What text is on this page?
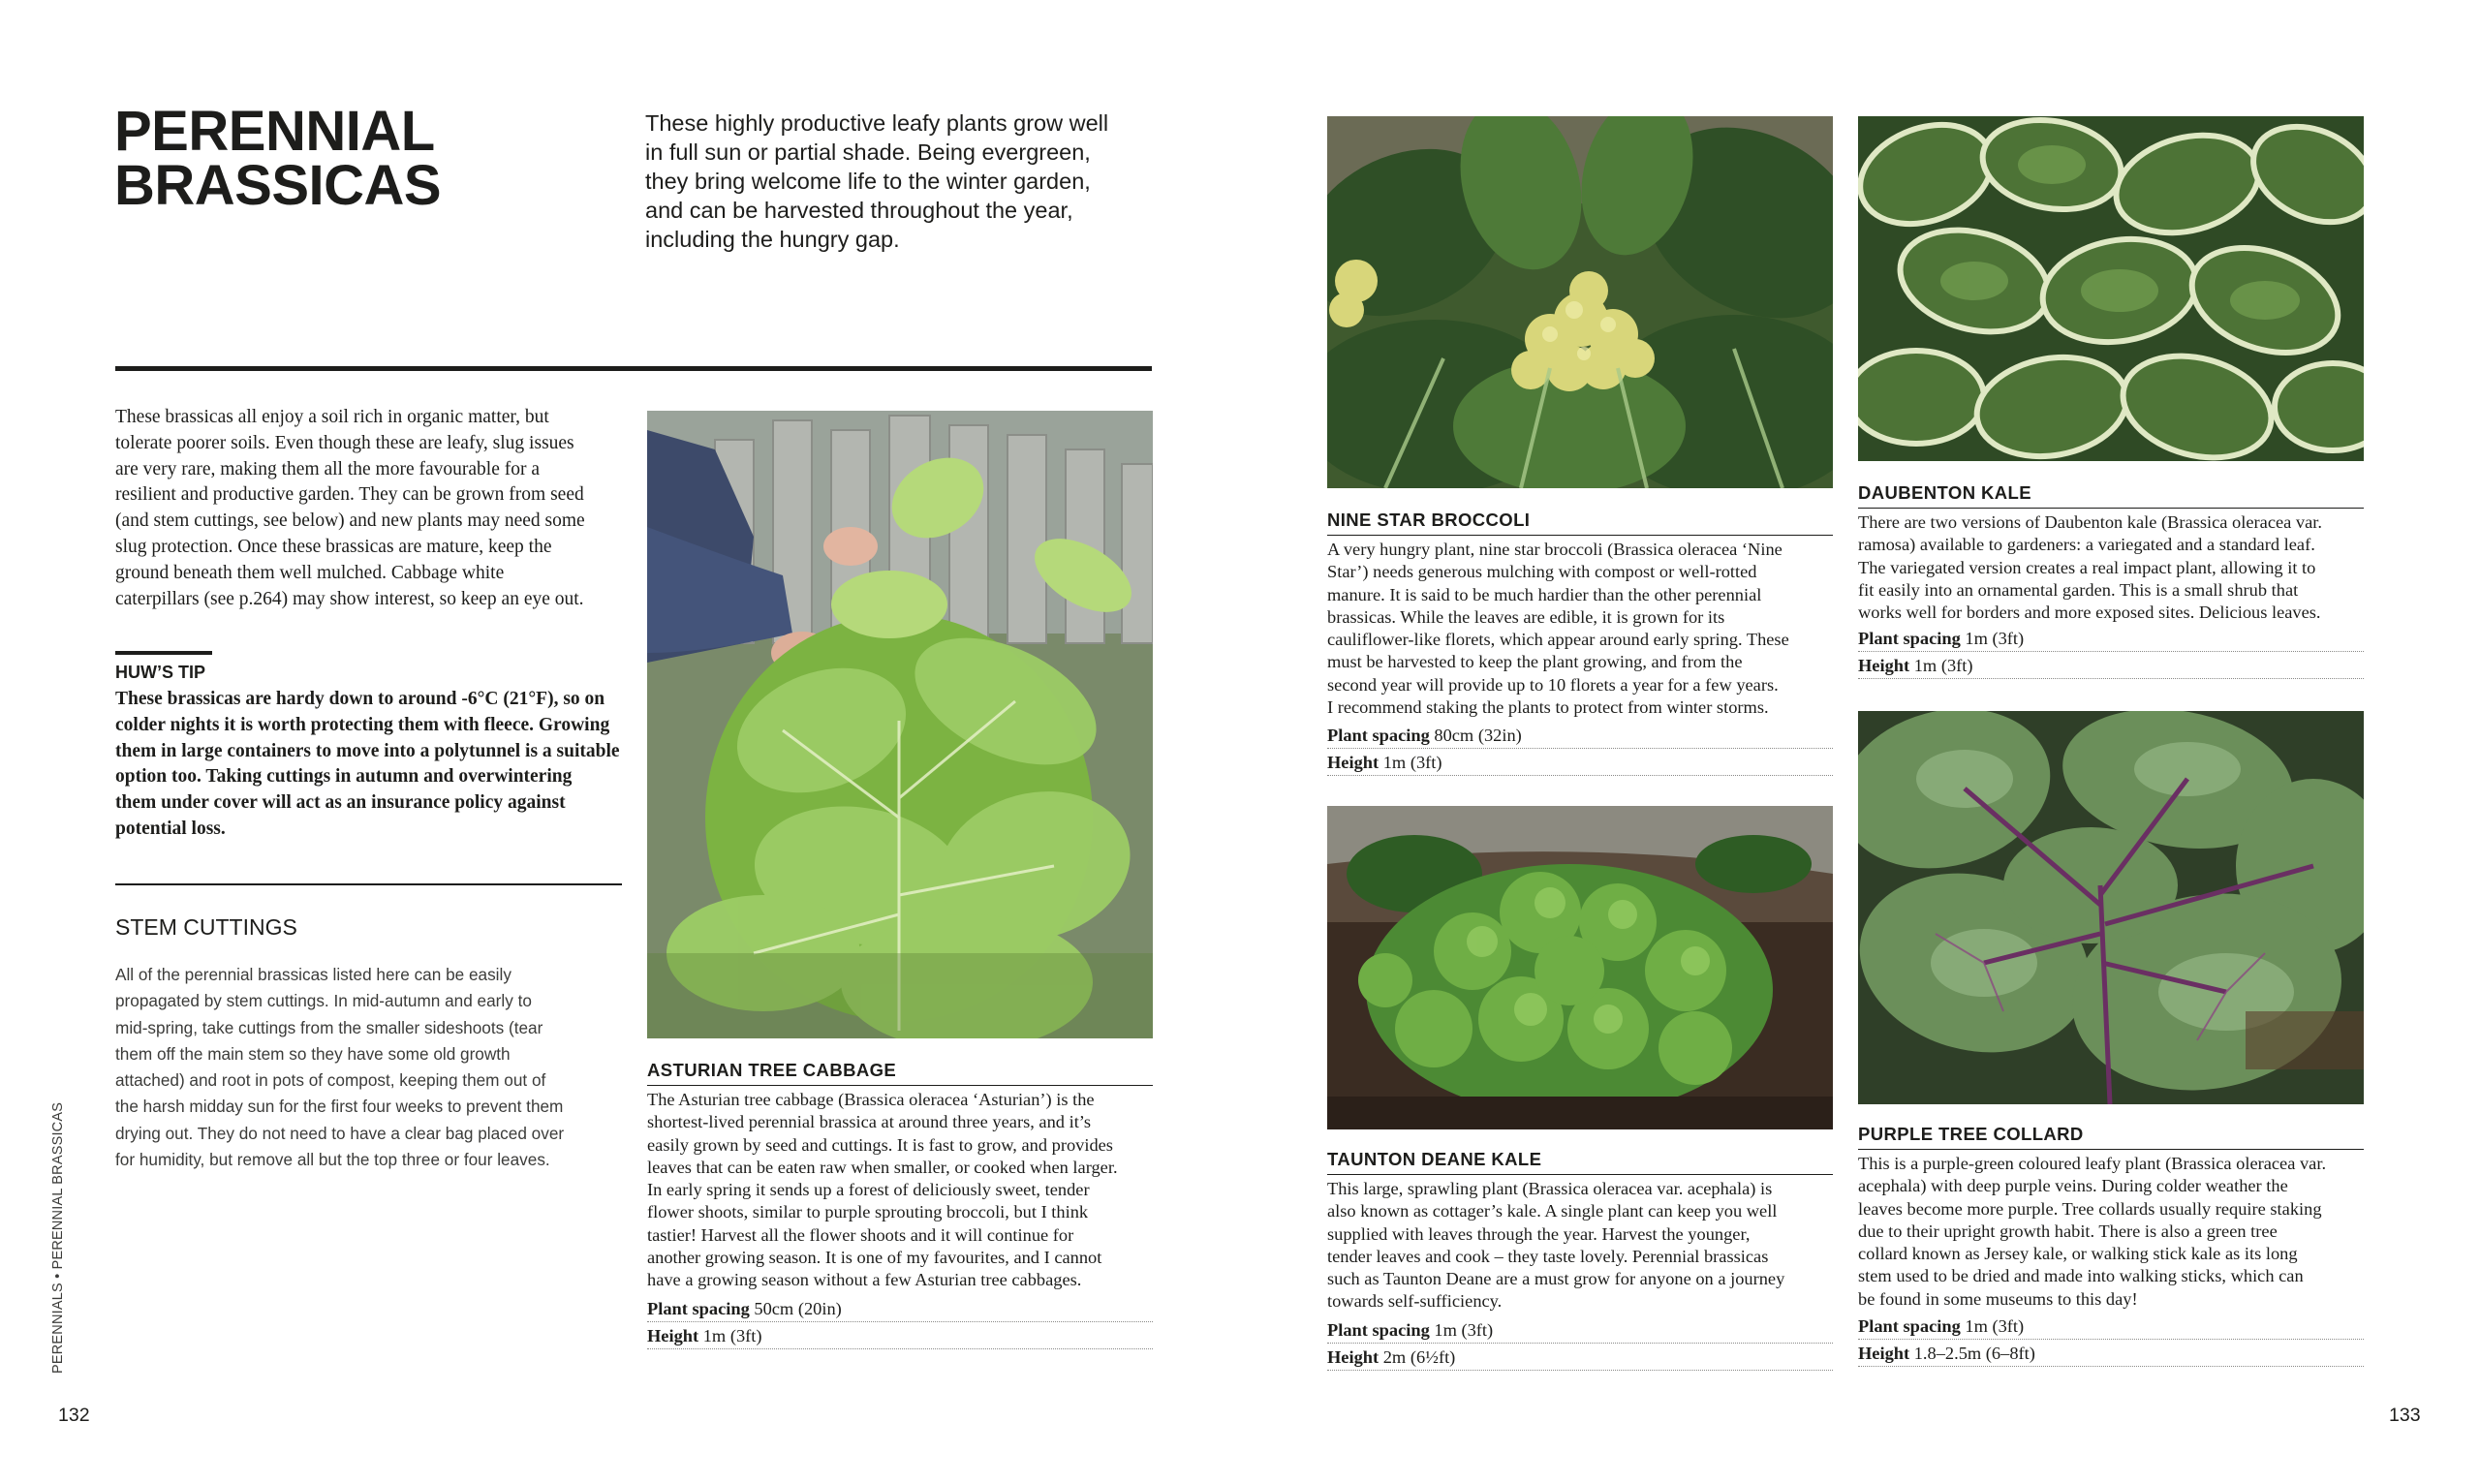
PERENNIAL
BRASSICAS
These highly productive leafy plants grow well
in full sun or partial shade. Being evergreen,
they bring welcome life to the winter garden,
and can be harvested throughout the year,
including the hungry gap.
These brassicas all enjoy a soil rich in organic matter, but
tolerate poorer soils. Even though these are leafy, slug issues
are very rare, making them all the more favourable for a
resilient and productive garden. They can be grown from seed
(and stem cuttings, see below) and new plants may need some
slug protection. Once these brassicas are mature, keep the
ground beneath them well mulched. Cabbage white
caterpillars (see p.264) may show interest, so keep an eye out.
HUW’S TIP
These brassicas are hardy down to around -6°C (21°F), so on
colder nights it is worth protecting them with fleece. Growing
them in large containers to move into a polytunnel is a suitable
option too. Taking cuttings in autumn and overwintering
them under cover will act as an insurance policy against
potential loss.
STEM CUTTINGS
All of the perennial brassicas listed here can be easily
propagated by stem cuttings. In mid-autumn and early to
mid-spring, take cuttings from the smaller sideshoots (tear
them off the main stem so they have some old growth
attached) and root in pots of compost, keeping them out of
the harsh midday sun for the first four weeks to prevent them
drying out. They do not need to have a clear bag placed over
for humidity, but remove all but the top three or four leaves.
PERENNIALS • PERENNIAL BRASSICAS
132
ASTURIAN TREE CABBAGE
The Asturian tree cabbage (Brassica oleracea ‘Asturian’) is the
shortest-lived perennial brassica at around three years, and it’s
easily grown by seed and cuttings. It is fast to grow, and provides
leaves that can be eaten raw when smaller, or cooked when larger.
In early spring it sends up a forest of deliciously sweet, tender
flower shoots, similar to purple sprouting broccoli, but I think
tastier! Harvest all the flower shoots and it will continue for
another growing season. It is one of my favourites, and I cannot
have a growing season without a few Asturian tree cabbages.
Plant spacing 50cm (20in)
Height 1m (3ft)
NINE STAR BROCCOLI
A very hungry plant, nine star broccoli (Brassica oleracea ‘Nine
Star’) needs generous mulching with compost or well-rotted
manure. It is said to be much hardier than the other perennial
brassicas. While the leaves are edible, it is grown for its
cauliflower-like florets, which appear around early spring. These
must be harvested to keep the plant growing, and from the
second year will provide up to 10 florets a year for a few years.
I recommend staking the plants to protect from winter storms.
Plant spacing 80cm (32in)
Height 1m (3ft)
TAUNTON DEANE KALE
This large, sprawling plant (Brassica oleracea var. acephala) is
also known as cottager’s kale. A single plant can keep you well
supplied with leaves through the year. Harvest the younger,
tender leaves and cook – they taste lovely. Perennial brassicas
such as Taunton Deane are a must grow for anyone on a journey
towards self-sufficiency.
Plant spacing 1m (3ft)
Height 2m (6½ft)
DAUBENTON KALE
There are two versions of Daubenton kale (Brassica oleracea var.
ramosa) available to gardeners: a variegated and a standard leaf.
The variegated version creates a real impact plant, allowing it to
fit easily into an ornamental garden. This is a small shrub that
works well for borders and more exposed sites. Delicious leaves.
Plant spacing 1m (3ft)
Height 1m (3ft)
PURPLE TREE COLLARD
This is a purple-green coloured leafy plant (Brassica oleracea var.
acephala) with deep purple veins. During colder weather the
leaves become more purple. Tree collards usually require staking
due to their upright growth habit. There is also a green tree
collard known as Jersey kale, or walking stick kale as its long
stem used to be dried and made into walking sticks, which can
be found in some museums to this day!
Plant spacing 1m (3ft)
Height 1.8–2.5m (6–8ft)
133
